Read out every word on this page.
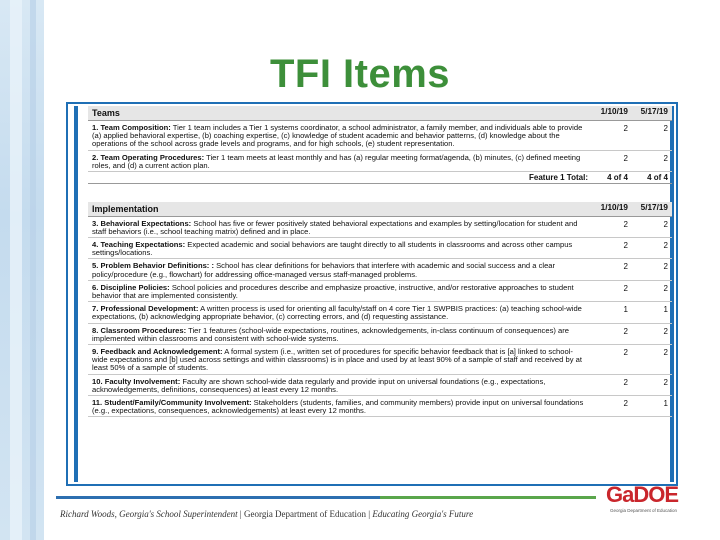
TFI Items
Teams	1/10/19	5/17/19
1. Team Composition: Tier 1 team includes a Tier 1 systems coordinator, a school administrator, a family member, and individuals able to provide (a) applied behavioral expertise, (b) coaching expertise, (c) knowledge of student academic and behavior patterns, (d) knowledge about the operations of the school across grade levels and programs, and for high schools, (e) student representation.	2	2
2. Team Operating Procedures: Tier 1 team meets at least monthly and has (a) regular meeting format/agenda, (b) minutes, (c) defined meeting roles, and (d) a current action plan.	2	2
Feature 1 Total:	4 of 4	4 of 4

Implementation	1/10/19	5/17/19
3. Behavioral Expectations: School has five or fewer positively stated behavioral expectations and examples by setting/location for student and staff behaviors (i.e., school teaching matrix) defined and in place.	2	2
4. Teaching Expectations: Expected academic and social behaviors are taught directly to all students in classrooms and across other campus settings/locations.	2	2
5. Problem Behavior Definitions: : School has clear definitions for behaviors that interfere with academic and social success and a clear policy/procedure (e.g., flowchart) for addressing office-managed versus staff-managed problems.	2	2
6. Discipline Policies: School policies and procedures describe and emphasize proactive, instructive, and/or restorative approaches to student behavior that are implemented consistently.	2	2
7. Professional Development: A written process is used for orienting all faculty/staff on 4 core Tier 1 SWPBIS practices: (a) teaching school-wide expectations, (b) acknowledging appropriate behavior, (c) correcting errors, and (d) requesting assistance.	1	1
8. Classroom Procedures: Tier 1 features (school-wide expectations, routines, acknowledgements, in-class continuum of consequences) are implemented within classrooms and consistent with school-wide systems.	2	2
9. Feedback and Acknowledgement: A formal system (i.e., written set of procedures for specific behavior feedback that is [a] linked to school-wide expectations and [b] used across settings and within classrooms) is in place and used by at least 90% of a sample of staff and received by at least 50% of a sample of students.	2	2
10. Faculty Involvement: Faculty are shown school-wide data regularly and provide input on universal foundations (e.g., expectations, acknowledgements, definitions, consequences) at least every 12 months.	2	2
11. Student/Family/Community Involvement: Stakeholders (students, families, and community members) provide input on universal foundations (e.g., expectations, consequences, acknowledgements) at least every 12 months.	2	1
Richard Woods, Georgia's School Superintendent | Georgia Department of Education | Educating Georgia's Future
GaDOE
Georgia Department of Education
